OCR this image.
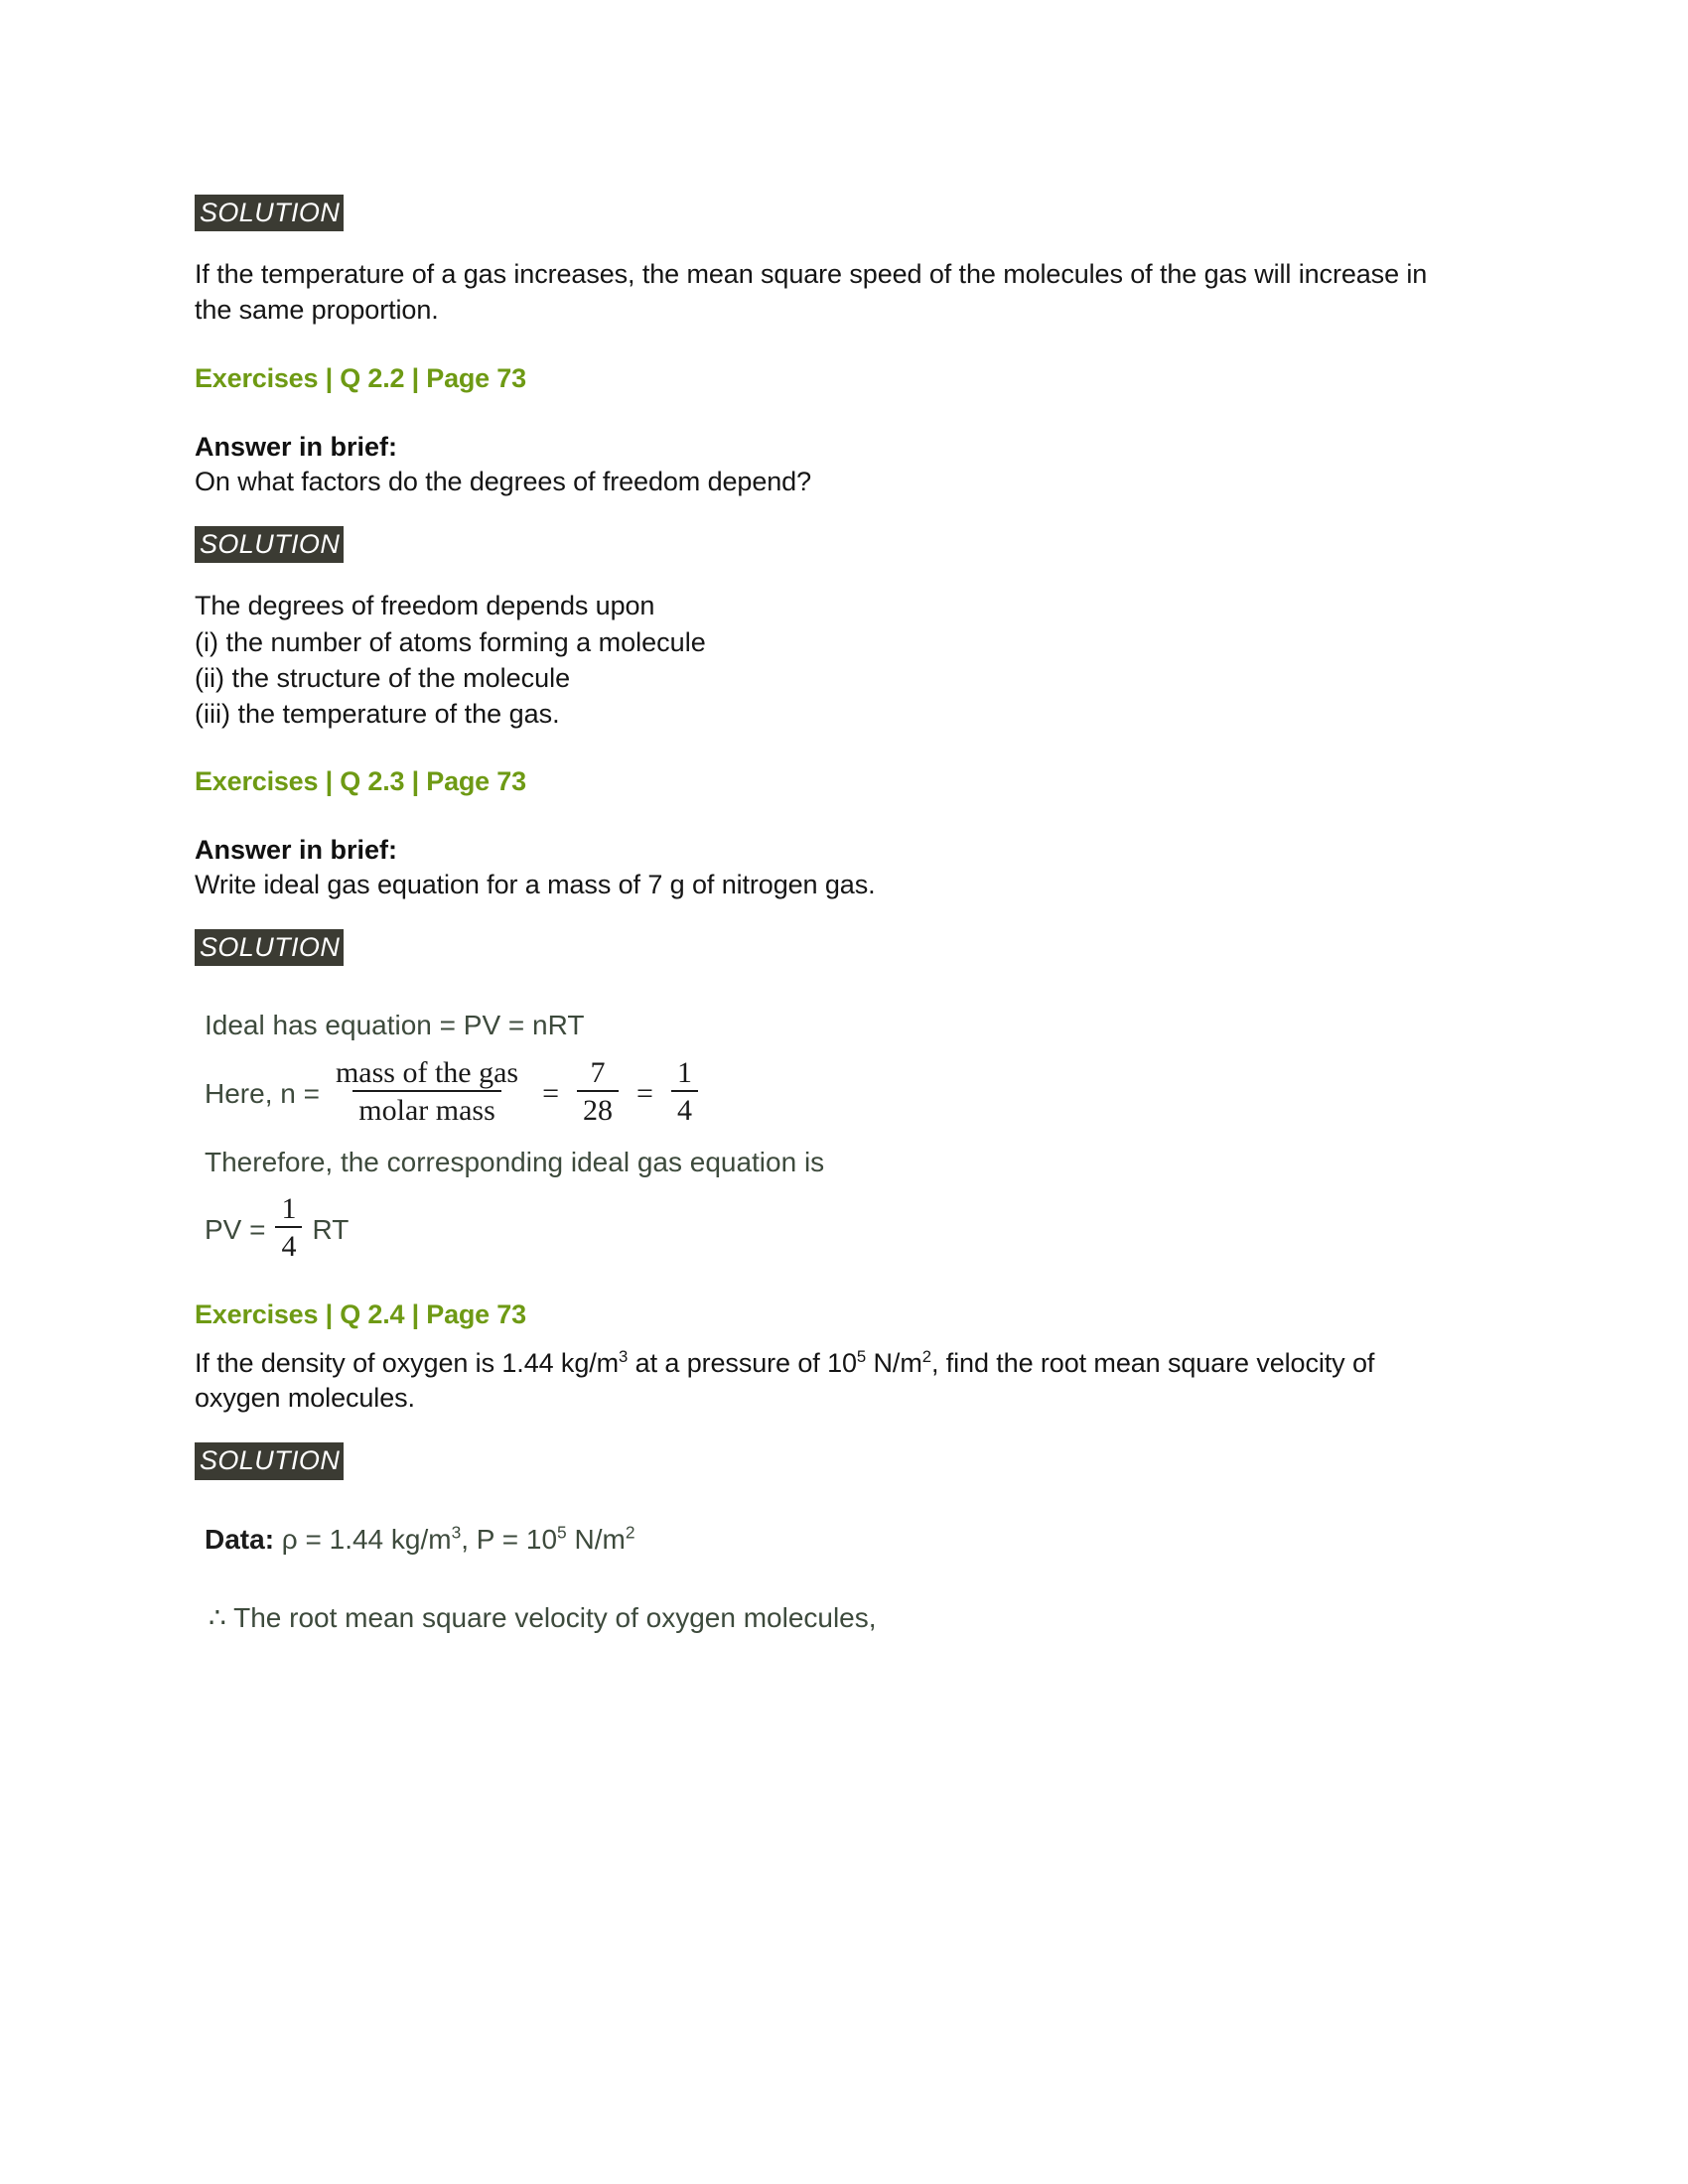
SOLUTION

If the temperature of a gas increases, the mean square speed of the molecules of the gas will increase in the same proportion.

Exercises | Q 2.2 | Page 73

Answer in brief:

On what factors do the degrees of freedom depend?

SOLUTION

The degrees of freedom depends upon

(i) the number of atoms forming a molecule
(ii) the structure of the molecule
(iii) the temperature of the gas.

Exercises | Q 2.3 | Page 73

Answer in brief:

Write ideal gas equation for a mass of 7 g of nitrogen gas.

SOLUTION
Ideal has equation = PV = nRT
Here, $n = \frac{\text{mass of the gas}}{\text{molar mass}} = \frac{7}{28} = \frac{1}{4}$
Therefore, the corresponding ideal gas equation is
PV = $\frac{1}{4}$ RT

Exercises | Q 2.4 | Page 73

If the density of oxygen is 1.44 $kg/m^3$ at a pressure of $10^5$ $N/m^2$, find the root mean square velocity of oxygen molecules.

SOLUTION

Data: ρ = 1.44 $kg/m^3$, $P = 10^5$ $N/m^2$

∴ The root mean square velocity of oxygen molecules,
